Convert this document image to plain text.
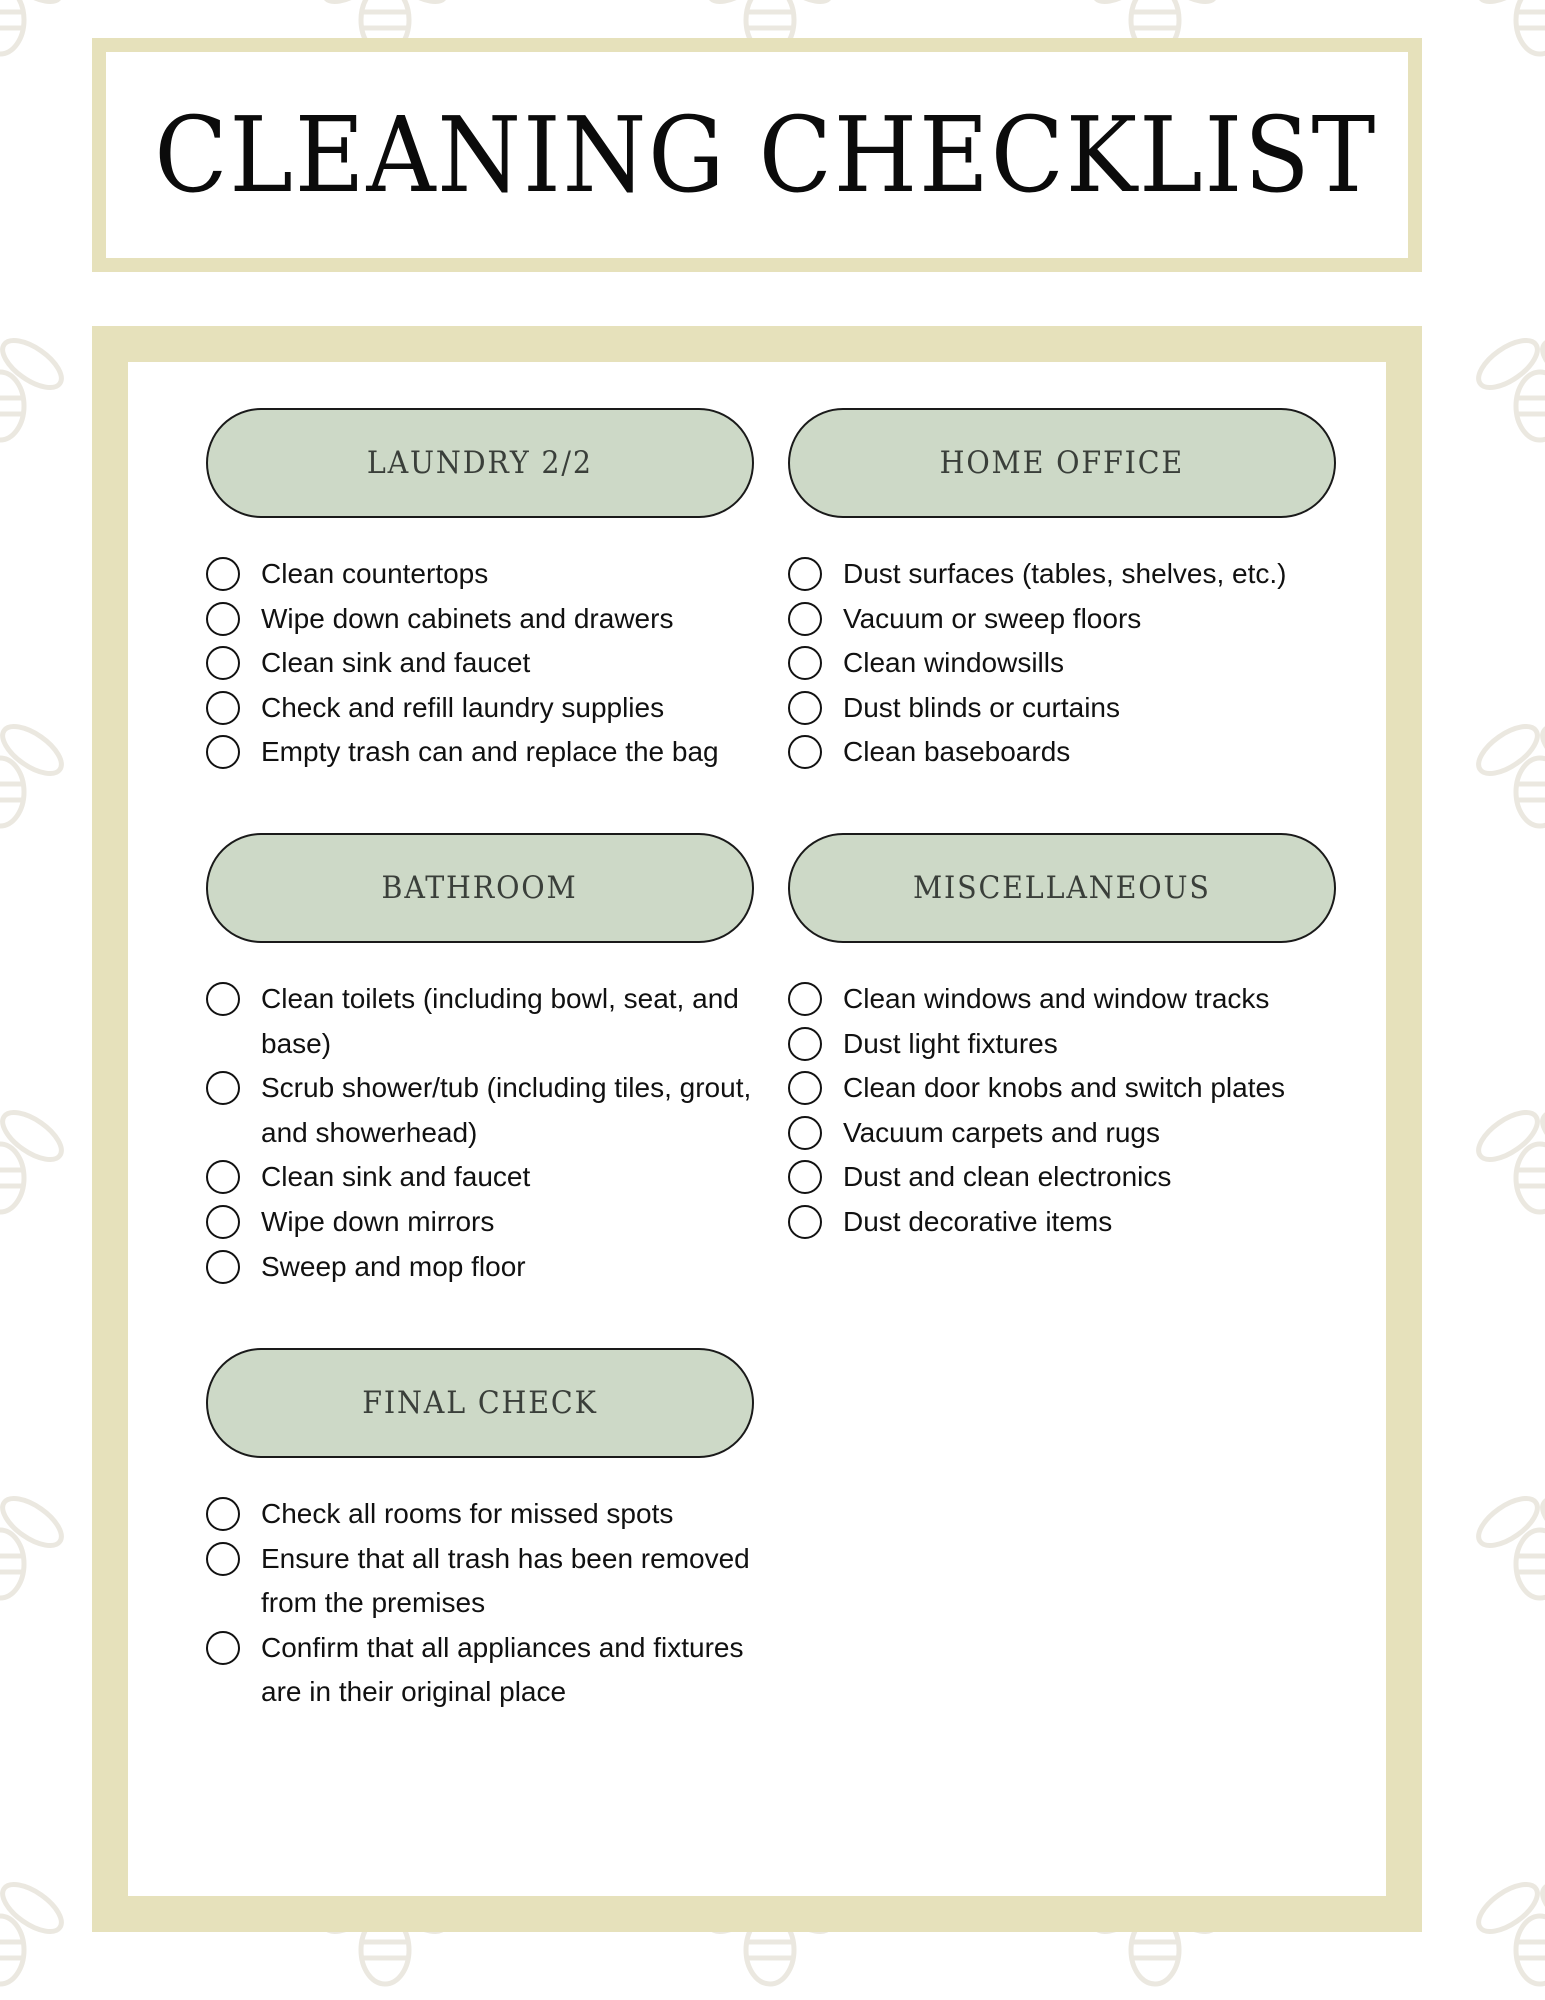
CLEANING CHECKLIST
LAUNDRY 2/2
Clean countertops
Wipe down cabinets and drawers
Clean sink and faucet
Check and refill laundry supplies
Empty trash can and replace the bag
HOME OFFICE
Dust surfaces (tables, shelves, etc.)
Vacuum or sweep floors
Clean windowsills
Dust blinds or curtains
Clean baseboards
BATHROOM
Clean toilets (including bowl, seat, and base)
Scrub shower/tub (including tiles, grout, and showerhead)
Clean sink and faucet
Wipe down mirrors
Sweep and mop floor
MISCELLANEOUS
Clean windows and window tracks
Dust light fixtures
Clean door knobs and switch plates
Vacuum carpets and rugs
Dust and clean electronics
Dust decorative items
FINAL CHECK
Check all rooms for missed spots
Ensure that all trash has been removed from the premises
Confirm that all appliances and fixtures are in their original place
